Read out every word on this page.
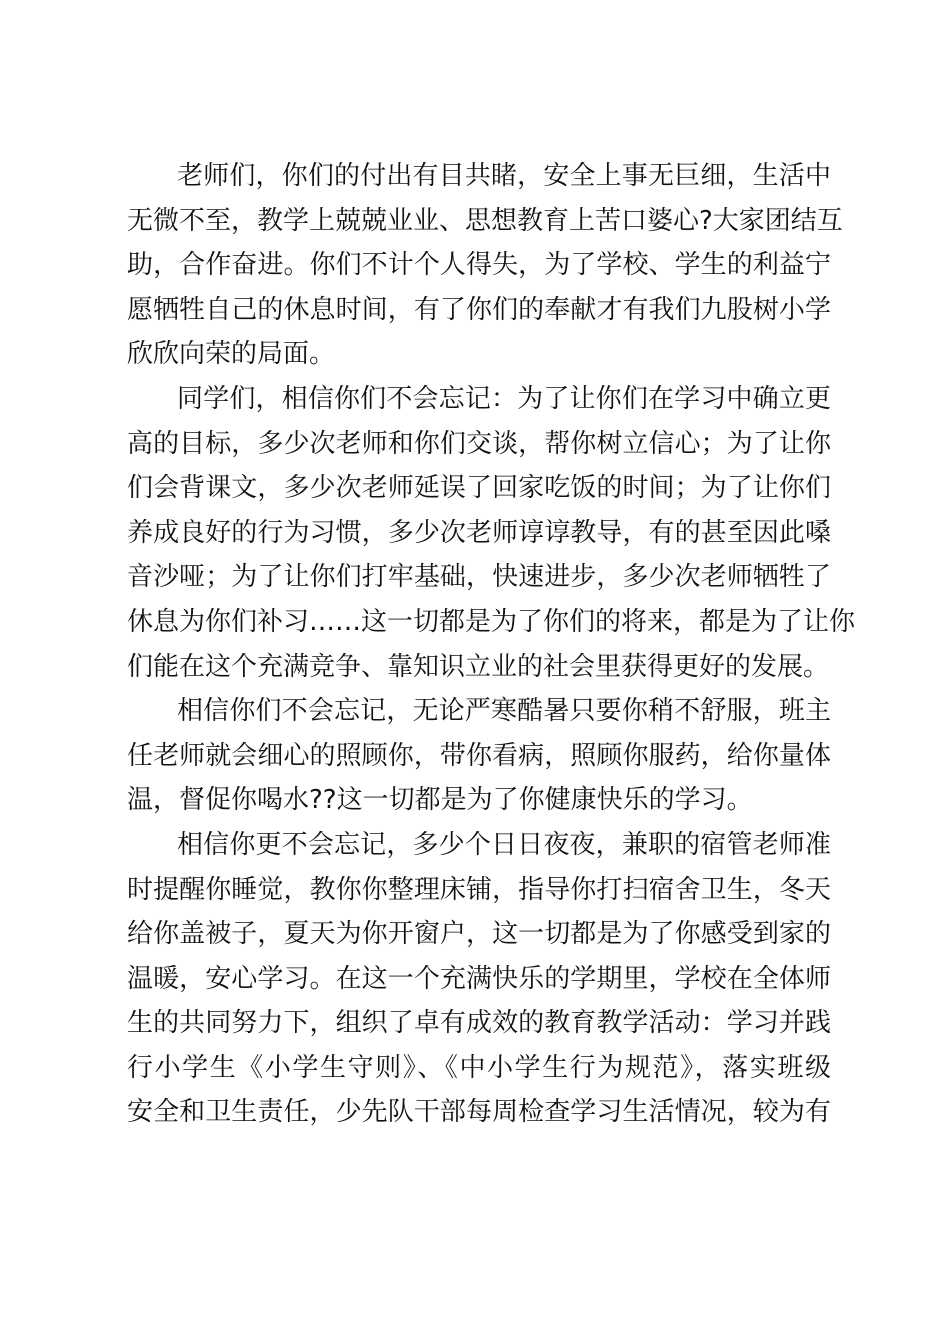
老师们，你们的付出有目共睹，安全上事无巨细，生活中
无微不至，教学上兢兢业业、思想教育上苦口婆心?大家团结互
助，合作奋进。你们不计个人得失，为了学校、学生的利益宁
愿牺牲自己的休息时间，有了你们的奉献才有我们九股树小学
欣欣向荣的局面。
同学们，相信你们不会忘记：为了让你们在学习中确立更
高的目标，多少次老师和你们交谈，帮你树立信心；为了让你
们会背课文，多少次老师延误了回家吃饭的时间；为了让你们
养成良好的行为习惯，多少次老师谆谆教导，有的甚至因此嗓
音沙哑；为了让你们打牢基础，快速进步，多少次老师牺牲了
休息为你们补习……这一切都是为了你们的将来，都是为了让你
们能在这个充满竞争、靠知识立业的社会里获得更好的发展。
相信你们不会忘记，无论严寒酷暑只要你稍不舒服，班主
任老师就会细心的照顾你，带你看病，照顾你服药，给你量体
温，督促你喝水??这一切都是为了你健康快乐的学习。
相信你更不会忘记，多少个日日夜夜，兼职的宿管老师准
时提醒你睡觉，教你你整理床铺，指导你打扫宿舍卫生，冬天
给你盖被子，夏天为你开窗户，这一切都是为了你感受到家的
温暖，安心学习。在这一个充满快乐的学期里，学校在全体师
生的共同努力下，组织了卓有成效的教育教学活动：学习并践
行小学生《小学生守则》、《中小学生行为规范》，落实班级
安全和卫生责任，少先队干部每周检查学习生活情况，较为有
